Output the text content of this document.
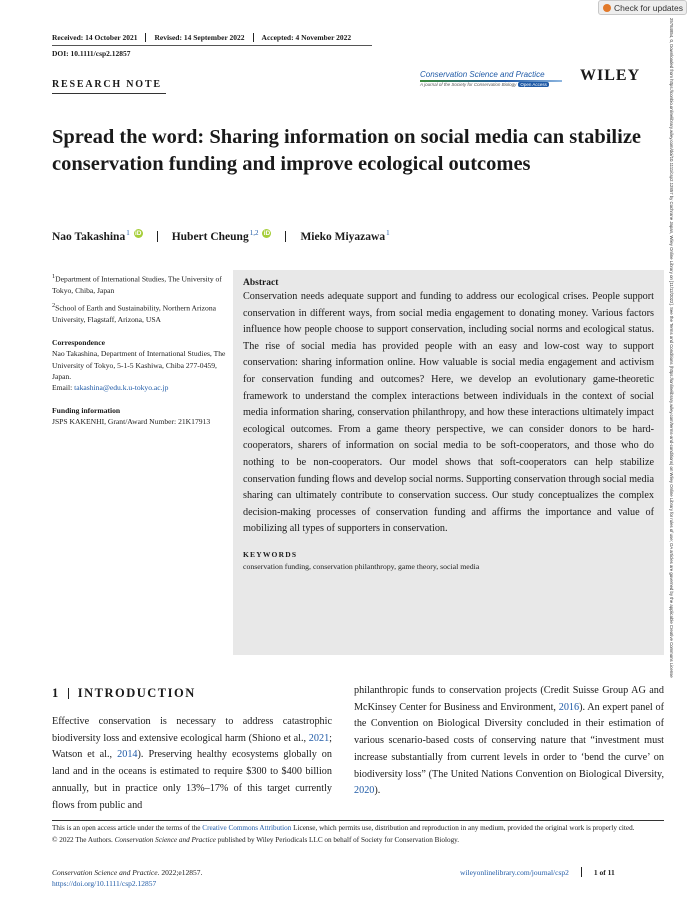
Check for updates
25784854, 0, Downloaded from https://conbio.onlinelibrary.wiley.com/doi/10.1111/csp2.12857 by Cochrane Japan, Wiley Online Library on [11/12/2022]. See the Terms and Conditions (https://onlinelibrary.wiley.com/terms-and-conditions) on Wiley Online Library for rules of use; OA articles are governed by the applicable Creative Commons License
Received: 14 October 2021 Revised: 14 September 2022 Accepted: 4 November 2022
DOI: 10.1111/csp2.12857
RESEARCH NOTE
Conservation Science and Practice
A journal of the Society for Conservation Biology Open Access
WILEY
Spread the word: Sharing information on social media can stabilize conservation funding and improve ecological outcomes
Nao Takashina$^1$ iD	Hubert Cheung$^{1,2}$ iD	Mieko Miyazawa$^1$

$^1$Department of International Studies, The University of Tokyo, Chiba, Japan

$^2$School of Earth and Sustainability, Northern Arizona University, Flagstaff, Arizona, USA

Correspondence

Nao Takashina, Department of International Studies, The University of Tokyo, 5-1-5 Kashiwa, Chiba 277-0459, Japan.

Email: takashina@edu.k.u-tokyo.ac.jp

Funding information

JSPS KAKENHI, Grant/Award Number: 21K17913

Abstract

Conservation needs adequate support and funding to address our ecological crises. People support conservation in different ways, from social media engagement to donating money. Various factors influence how people choose to support conservation, including social norms and ecological status. The rise of social media has provided people with an easy and low-cost way to support conservation: sharing information online. How valuable is social media engagement and activism for conservation funding and outcomes? Here, we develop an evolutionary game-theoretic framework to understand the complex interactions between individuals in the context of social media information sharing, conservation philanthropy, and how these interactions ultimately impact ecological outcomes. From a game theory perspective, we can consider donors to be hard-cooperators, sharers of information on social media to be soft-cooperators, and those who do nothing to be non-cooperators. Our model shows that soft-cooperators can help stabilize conservation funding flows and develop social norms. Supporting conservation through social media sharing can ultimately contribute to conservation success. Our study conceptualizes the complex decision-making processes of conservation funding and affirms the importance and value of mobilizing all types of supporters in conservation.

KEYWORDS
conservation funding, conservation philanthropy, game theory, social media
1 INTRODUCTION

Effective conservation is necessary to address catastrophic biodiversity loss and extensive ecological harm (Shiono et al., 2021; Watson et al., 2014). Preserving healthy ecosystems globally on land and in the oceans is estimated to require $300 to $400 billion annually, but in practice only 13%–17% of this target currently flows from public and

philanthropic funds to conservation projects (Credit Suisse Group AG and McKinsey Center for Business and Environment, 2016). An expert panel of the Convention on Biological Diversity concluded in their estimation of various scenario-based costs of conserving nature that “investment must increase substantially from current levels in order to ‘bend the curve’ on biodiversity loss” (The United Nations Convention on Biological Diversity, 2020).

This is an open access article under the terms of the Creative Commons Attribution License, which permits use, distribution and reproduction in any medium, provided the original work is properly cited.

© 2022 The Authors. Conservation Science and Practice published by Wiley Periodicals LLC on behalf of Society for Conservation Biology.

Conservation Science and Practice. 2022;e12857.
https://doi.org/10.1111/csp2.12857
wileyonlinelibrary.com/journal/csp2	1 of 11
